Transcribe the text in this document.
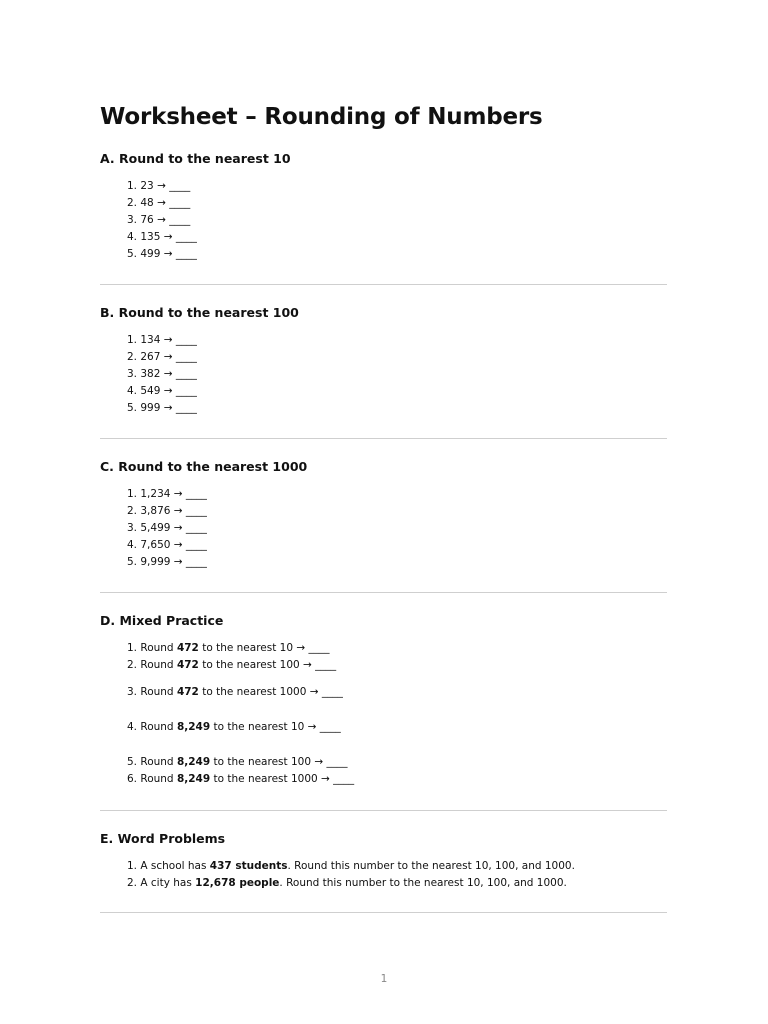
Worksheet – Rounding of Numbers
A. Round to the nearest 10
1. 23 → ____
2. 48 → ____
3. 76 → ____
4. 135 → ____
5. 499 → ____
B. Round to the nearest 100
1. 134 → ____
2. 267 → ____
3. 382 → ____
4. 549 → ____
5. 999 → ____
C. Round to the nearest 1000
1. 1,234 → ____
2. 3,876 → ____
3. 5,499 → ____
4. 7,650 → ____
5. 9,999 → ____
D. Mixed Practice
1. Round 472 to the nearest 10 → ____
2. Round 472 to the nearest 100 → ____
3. Round 472 to the nearest 1000 → ____
4. Round 8,249 to the nearest 10 → ____
5. Round 8,249 to the nearest 100 → ____
6. Round 8,249 to the nearest 1000 → ____
E. Word Problems
1. A school has 437 students. Round this number to the nearest 10, 100, and 1000.
2. A city has 12,678 people. Round this number to the nearest 10, 100, and 1000.
1
